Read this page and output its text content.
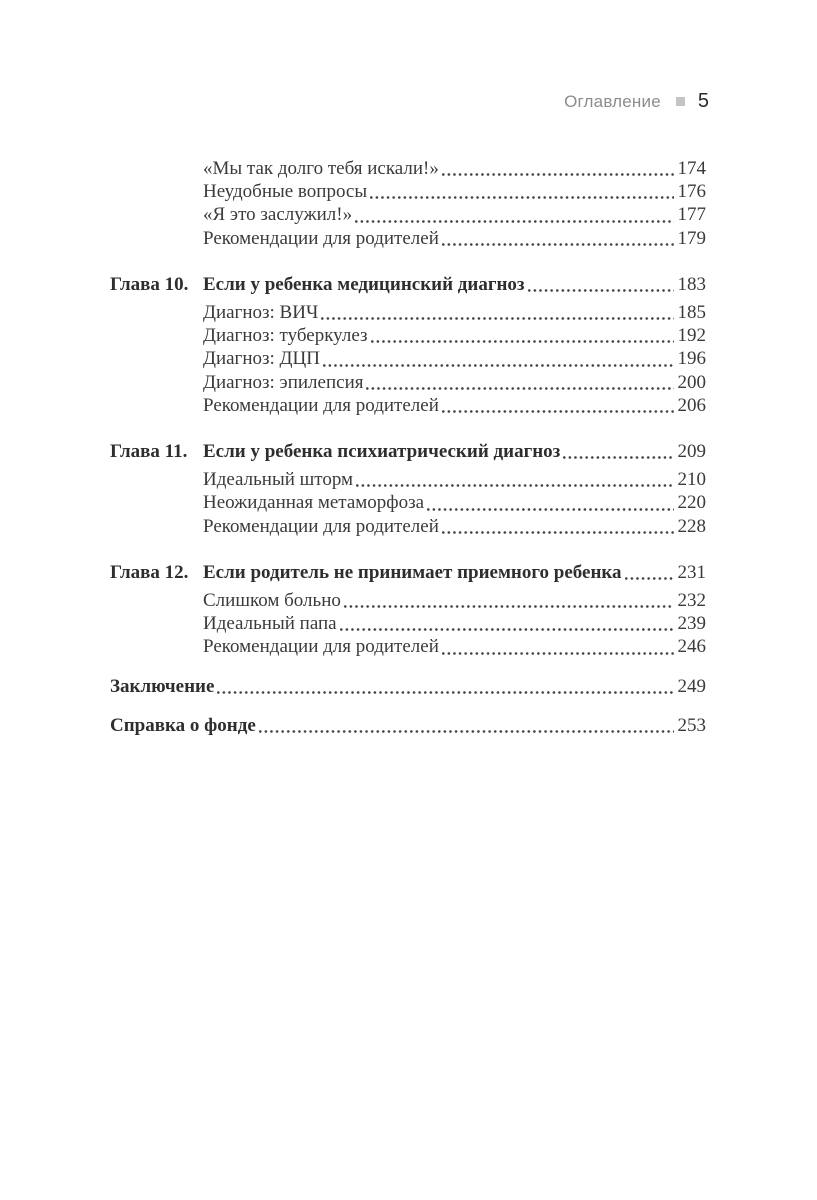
Оглавление 5
«Мы так долго тебя искали!»	174
Неудобные вопросы	176
«Я это заслужил!»	177
Рекомендации для родителей	179
Глава 10. Если у ребенка медицинский диагноз	183
Диагноз: ВИЧ	185
Диагноз: туберкулез	192
Диагноз: ДЦП	196
Диагноз: эпилепсия	200
Рекомендации для родителей	206
Глава 11. Если у ребенка психиатрический диагноз	209
Идеальный шторм	210
Неожиданная метаморфоза	220
Рекомендации для родителей	228
Глава 12. Если родитель не принимает приемного ребенка	231
Слишком больно	232
Идеальный папа	239
Рекомендации для родителей	246
Заключение	249
Справка о фонде	253
